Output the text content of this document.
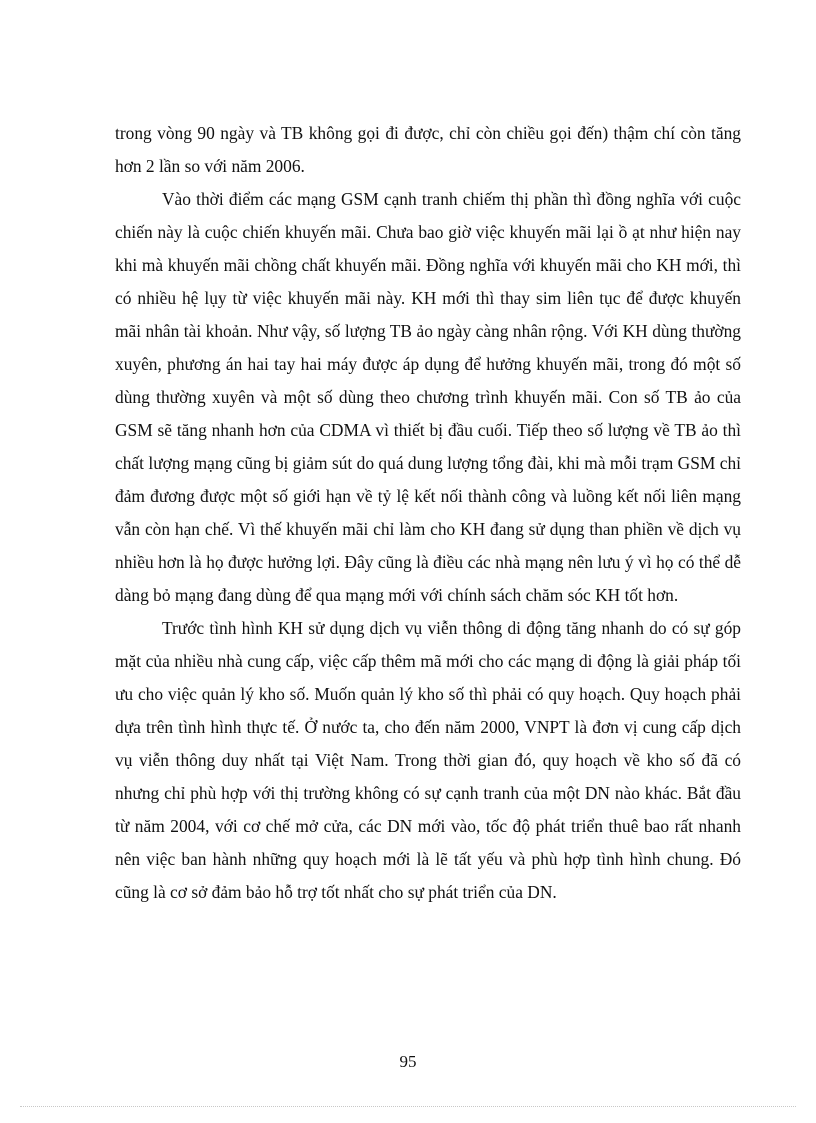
trong vòng 90 ngày và TB không gọi đi được, chỉ còn chiều gọi đến) thậm chí còn tăng hơn 2 lần so với năm 2006.

Vào thời điểm các mạng GSM cạnh tranh chiếm thị phần thì đồng nghĩa với cuộc chiến này là cuộc chiến khuyến mãi. Chưa bao giờ việc khuyến mãi lại ồ ạt như hiện nay khi mà khuyến mãi chồng chất khuyến mãi. Đồng nghĩa với khuyến mãi cho KH mới, thì có nhiều hệ lụy từ việc khuyến mãi này. KH mới thì thay sim liên tục để được khuyến mãi nhân tài khoản. Như vậy, số lượng TB ảo ngày càng nhân rộng. Với KH dùng thường xuyên, phương án hai tay hai máy được áp dụng để hưởng khuyến mãi, trong đó một số dùng thường xuyên và một số dùng theo chương trình khuyến mãi. Con số TB ảo của GSM sẽ tăng nhanh hơn của CDMA vì thiết bị đầu cuối. Tiếp theo số lượng về TB ảo thì chất lượng mạng cũng bị giảm sút do quá dung lượng tổng đài, khi mà mỗi trạm GSM chỉ đảm đương được một số giới hạn về tỷ lệ kết nối thành công và luồng kết nối liên mạng vẫn còn hạn chế. Vì thế khuyến mãi chỉ làm cho KH đang sử dụng than phiền về dịch vụ nhiều hơn là họ được hưởng lợi. Đây cũng là điều các nhà mạng nên lưu ý vì họ có thể dễ dàng bỏ mạng đang dùng để qua mạng mới với chính sách chăm sóc KH tốt hơn.

Trước tình hình KH sử dụng dịch vụ viễn thông di động tăng nhanh do có sự góp mặt của nhiều nhà cung cấp, việc cấp thêm mã mới cho các mạng di động là giải pháp tối ưu cho việc quản lý kho số. Muốn quản lý kho số thì phải có quy hoạch. Quy hoạch phải dựa trên tình hình thực tế. Ở nước ta, cho đến năm 2000, VNPT là đơn vị cung cấp dịch vụ viễn thông duy nhất tại Việt Nam. Trong thời gian đó, quy hoạch về kho số đã có nhưng chỉ phù hợp với thị trường không có sự cạnh tranh của một DN nào khác. Bắt đầu từ năm 2004, với cơ chế mở cửa, các DN mới vào, tốc độ phát triển thuê bao rất nhanh nên việc ban hành những quy hoạch mới là lẽ tất yếu và phù hợp tình hình chung. Đó cũng là cơ sở đảm bảo hỗ trợ tốt nhất cho sự phát triển của DN.

95
